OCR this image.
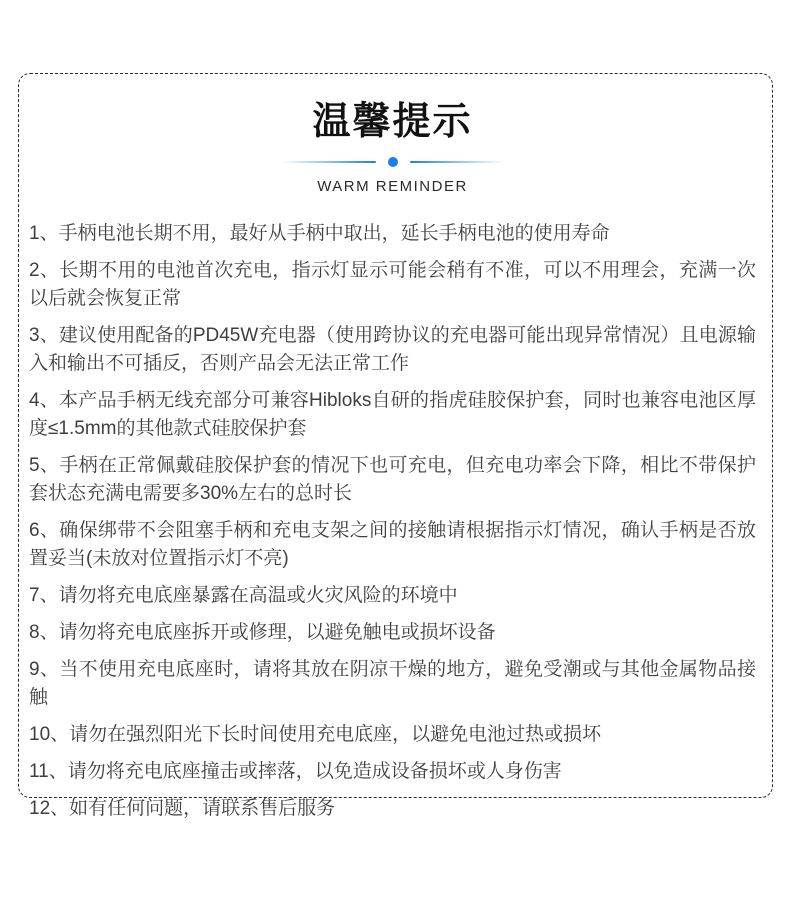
温馨提示
WARM REMINDER

1、手柄电池长期不用，最好从手柄中取出，延长手柄电池的使用寿命

2、长期不用的电池首次充电，指示灯显示可能会稍有不准，可以不用理会，充满一次以后就会恢复正常

3、建议使用配备的PD45W充电器（使用跨协议的充电器可能出现异常情况）且电源输入和输出不可插反，否则产品会无法正常工作

4、本产品手柄无线充部分可兼容Hibloks自研的指虎硅胶保护套，同时也兼容电池区厚度≤1.5mm的其他款式硅胶保护套

5、手柄在正常佩戴硅胶保护套的情况下也可充电，但充电功率会下降，相比不带保护套状态充满电需要多30%左右的总时长

6、确保绑带不会阻塞手柄和充电支架之间的接触请根据指示灯情况，确认手柄是否放置妥当(未放对位置指示灯不亮)

7、请勿将充电底座暴露在高温或火灾风险的环境中

8、请勿将充电底座拆开或修理，以避免触电或损坏设备

9、当不使用充电底座时，请将其放在阴凉干燥的地方，避免受潮或与其他金属物品接触

10、请勿在强烈阳光下长时间使用充电底座，以避免电池过热或损坏

11、请勿将充电底座撞击或摔落，以免造成设备损坏或人身伤害

12、如有任何问题，请联系售后服务
